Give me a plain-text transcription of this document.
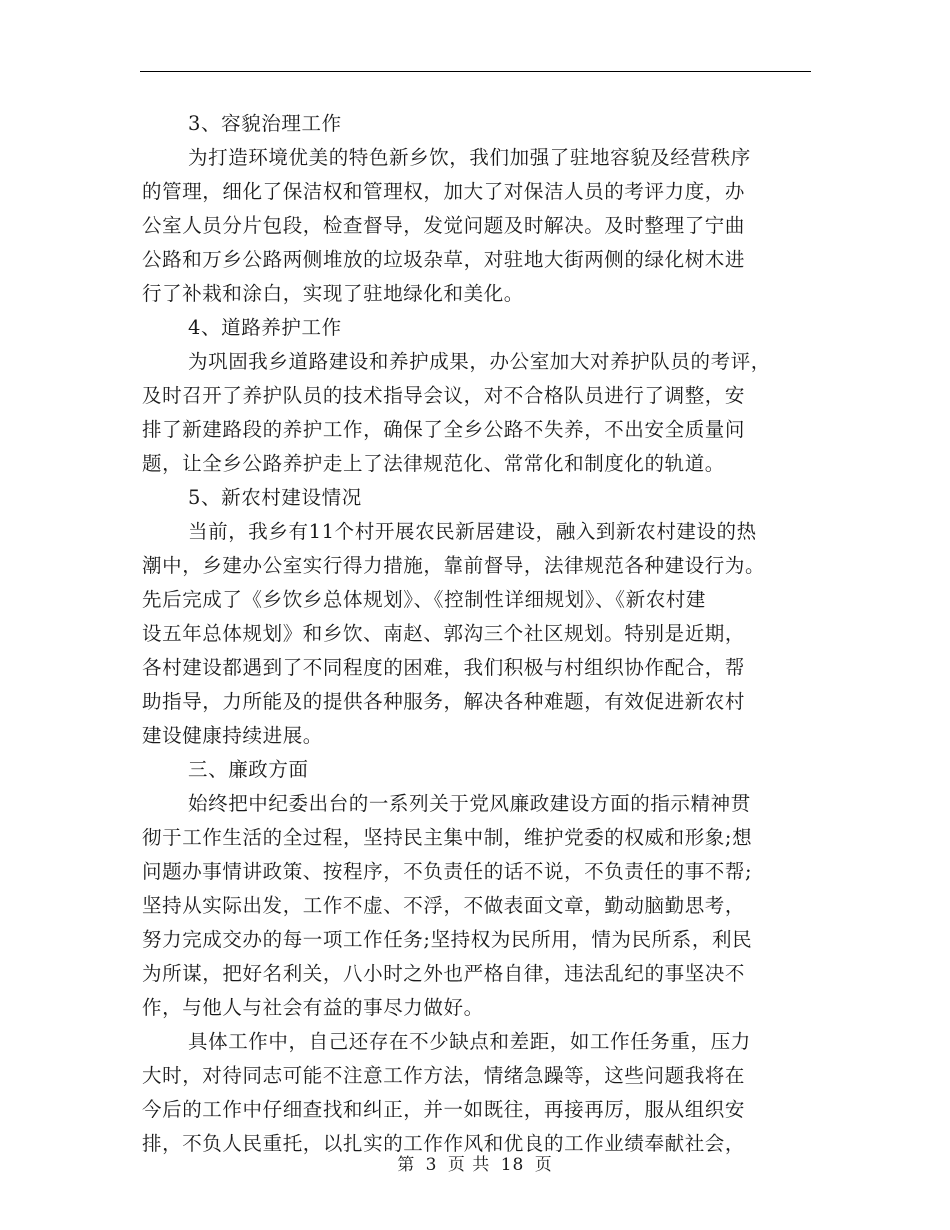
3、容貌治理工作
为打造环境优美的特色新乡饮，我们加强了驻地容貌及经营秩序
的管理，细化了保洁权和管理权，加大了对保洁人员的考评力度，办
公室人员分片包段，检查督导，发觉问题及时解决。及时整理了宁曲
公路和万乡公路两侧堆放的垃圾杂草，对驻地大街两侧的绿化树木进
行了补栽和涂白，实现了驻地绿化和美化。
4、道路养护工作
为巩固我乡道路建设和养护成果，办公室加大对养护队员的考评，
及时召开了养护队员的技术指导会议，对不合格队员进行了调整，安
排了新建路段的养护工作，确保了全乡公路不失养，不出安全质量问
题，让全乡公路养护走上了法律规范化、常常化和制度化的轨道。
5、新农村建设情况
当前，我乡有11个村开展农民新居建设，融入到新农村建设的热
潮中，乡建办公室实行得力措施，靠前督导，法律规范各种建设行为。
先后完成了《乡饮乡总体规划》、《控制性详细规划》、《新农村建
设五年总体规划》和乡饮、南赵、郭沟三个社区规划。特别是近期，
各村建设都遇到了不同程度的困难，我们积极与村组织协作配合，帮
助指导，力所能及的提供各种服务，解决各种难题，有效促进新农村
建设健康持续进展。
三、廉政方面
始终把中纪委出台的一系列关于党风廉政建设方面的指示精神贯
彻于工作生活的全过程，坚持民主集中制，维护党委的权威和形象;想
问题办事情讲政策、按程序，不负责任的话不说，不负责任的事不帮;
坚持从实际出发，工作不虚、不浮，不做表面文章，勤动脑勤思考，
努力完成交办的每一项工作任务;坚持权为民所用，情为民所系，利民
为所谋，把好名利关，八小时之外也严格自律，违法乱纪的事坚决不
作，与他人与社会有益的事尽力做好。
具体工作中，自己还存在不少缺点和差距，如工作任务重，压力
大时，对待同志可能不注意工作方法，情绪急躁等，这些问题我将在
今后的工作中仔细查找和纠正，并一如既往，再接再厉，服从组织安
排，不负人民重托，以扎实的工作作风和优良的工作业绩奉献社会，
第 3 页 共 18 页
